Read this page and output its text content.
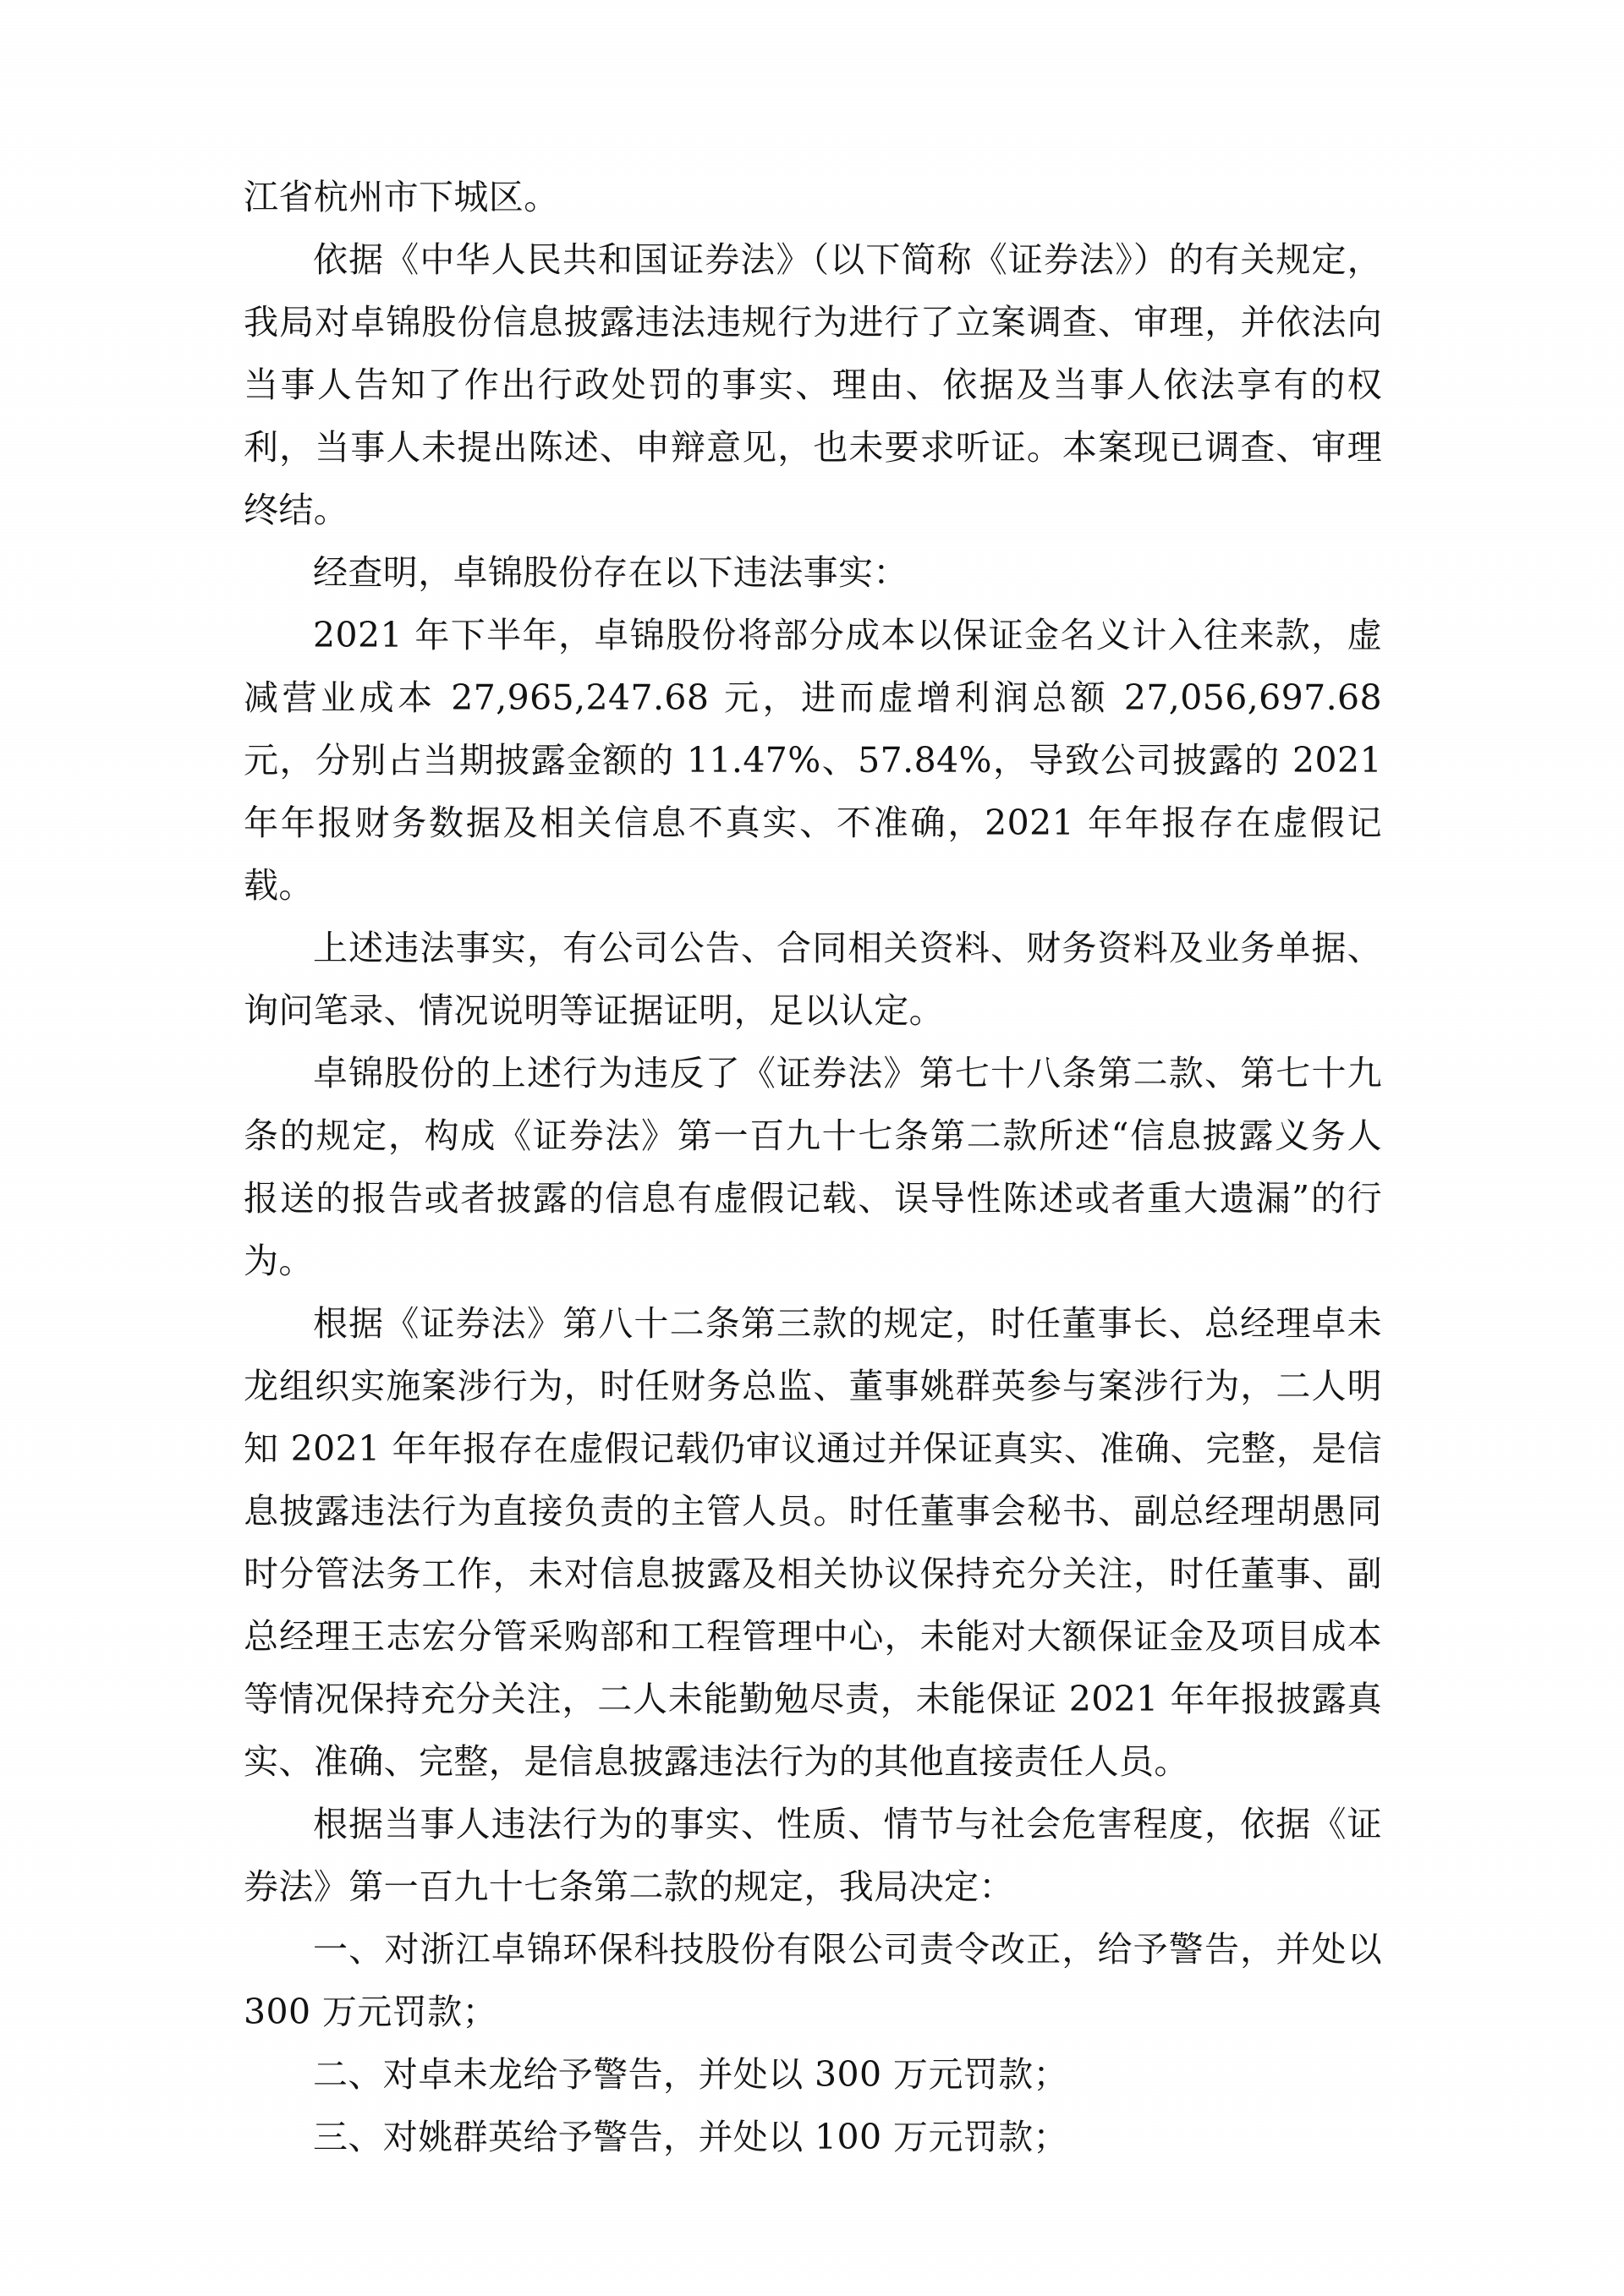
江省杭州市下城区。

依据《中华人民共和国证券法》（以下简称《证券法》）的有关规定，我局对卓锦股份信息披露违法违规行为进行了立案调查、审理，并依法向当事人告知了作出行政处罚的事实、理由、依据及当事人依法享有的权利，当事人未提出陈述、申辩意见，也未要求听证。本案现已调查、审理终结。

经查明，卓锦股份存在以下违法事实：

2021 年下半年，卓锦股份将部分成本以保证金名义计入往来款，虚减营业成本 27,965,247.68 元，进而虚增利润总额 27,056,697.68 元，分别占当期披露金额的 11.47%、57.84%，导致公司披露的 2021 年年报财务数据及相关信息不真实、不准确，2021 年年报存在虚假记载。

上述违法事实，有公司公告、合同相关资料、财务资料及业务单据、询问笔录、情况说明等证据证明，足以认定。

卓锦股份的上述行为违反了《证券法》第七十八条第二款、第七十九条的规定，构成《证券法》第一百九十七条第二款所述“信息披露义务人报送的报告或者披露的信息有虚假记载、误导性陈述或者重大遗漏”的行为。

根据《证券法》第八十二条第三款的规定，时任董事长、总经理卓未龙组织实施案涉行为，时任财务总监、董事姚群英参与案涉行为，二人明知 2021 年年报存在虚假记载仍审议通过并保证真实、准确、完整，是信息披露违法行为直接负责的主管人员。时任董事会秘书、副总经理胡愚同时分管法务工作，未对信息披露及相关协议保持充分关注，时任董事、副总经理王志宏分管采购部和工程管理中心，未能对大额保证金及项目成本等情况保持充分关注，二人未能勤勉尽责，未能保证 2021 年年报披露真实、准确、完整，是信息披露违法行为的其他直接责任人员。

根据当事人违法行为的事实、性质、情节与社会危害程度，依据《证券法》第一百九十七条第二款的规定，我局决定：

一、对浙江卓锦环保科技股份有限公司责令改正，给予警告，并处以 300 万元罚款；

二、对卓未龙给予警告，并处以 300 万元罚款；

三、对姚群英给予警告，并处以 100 万元罚款；
